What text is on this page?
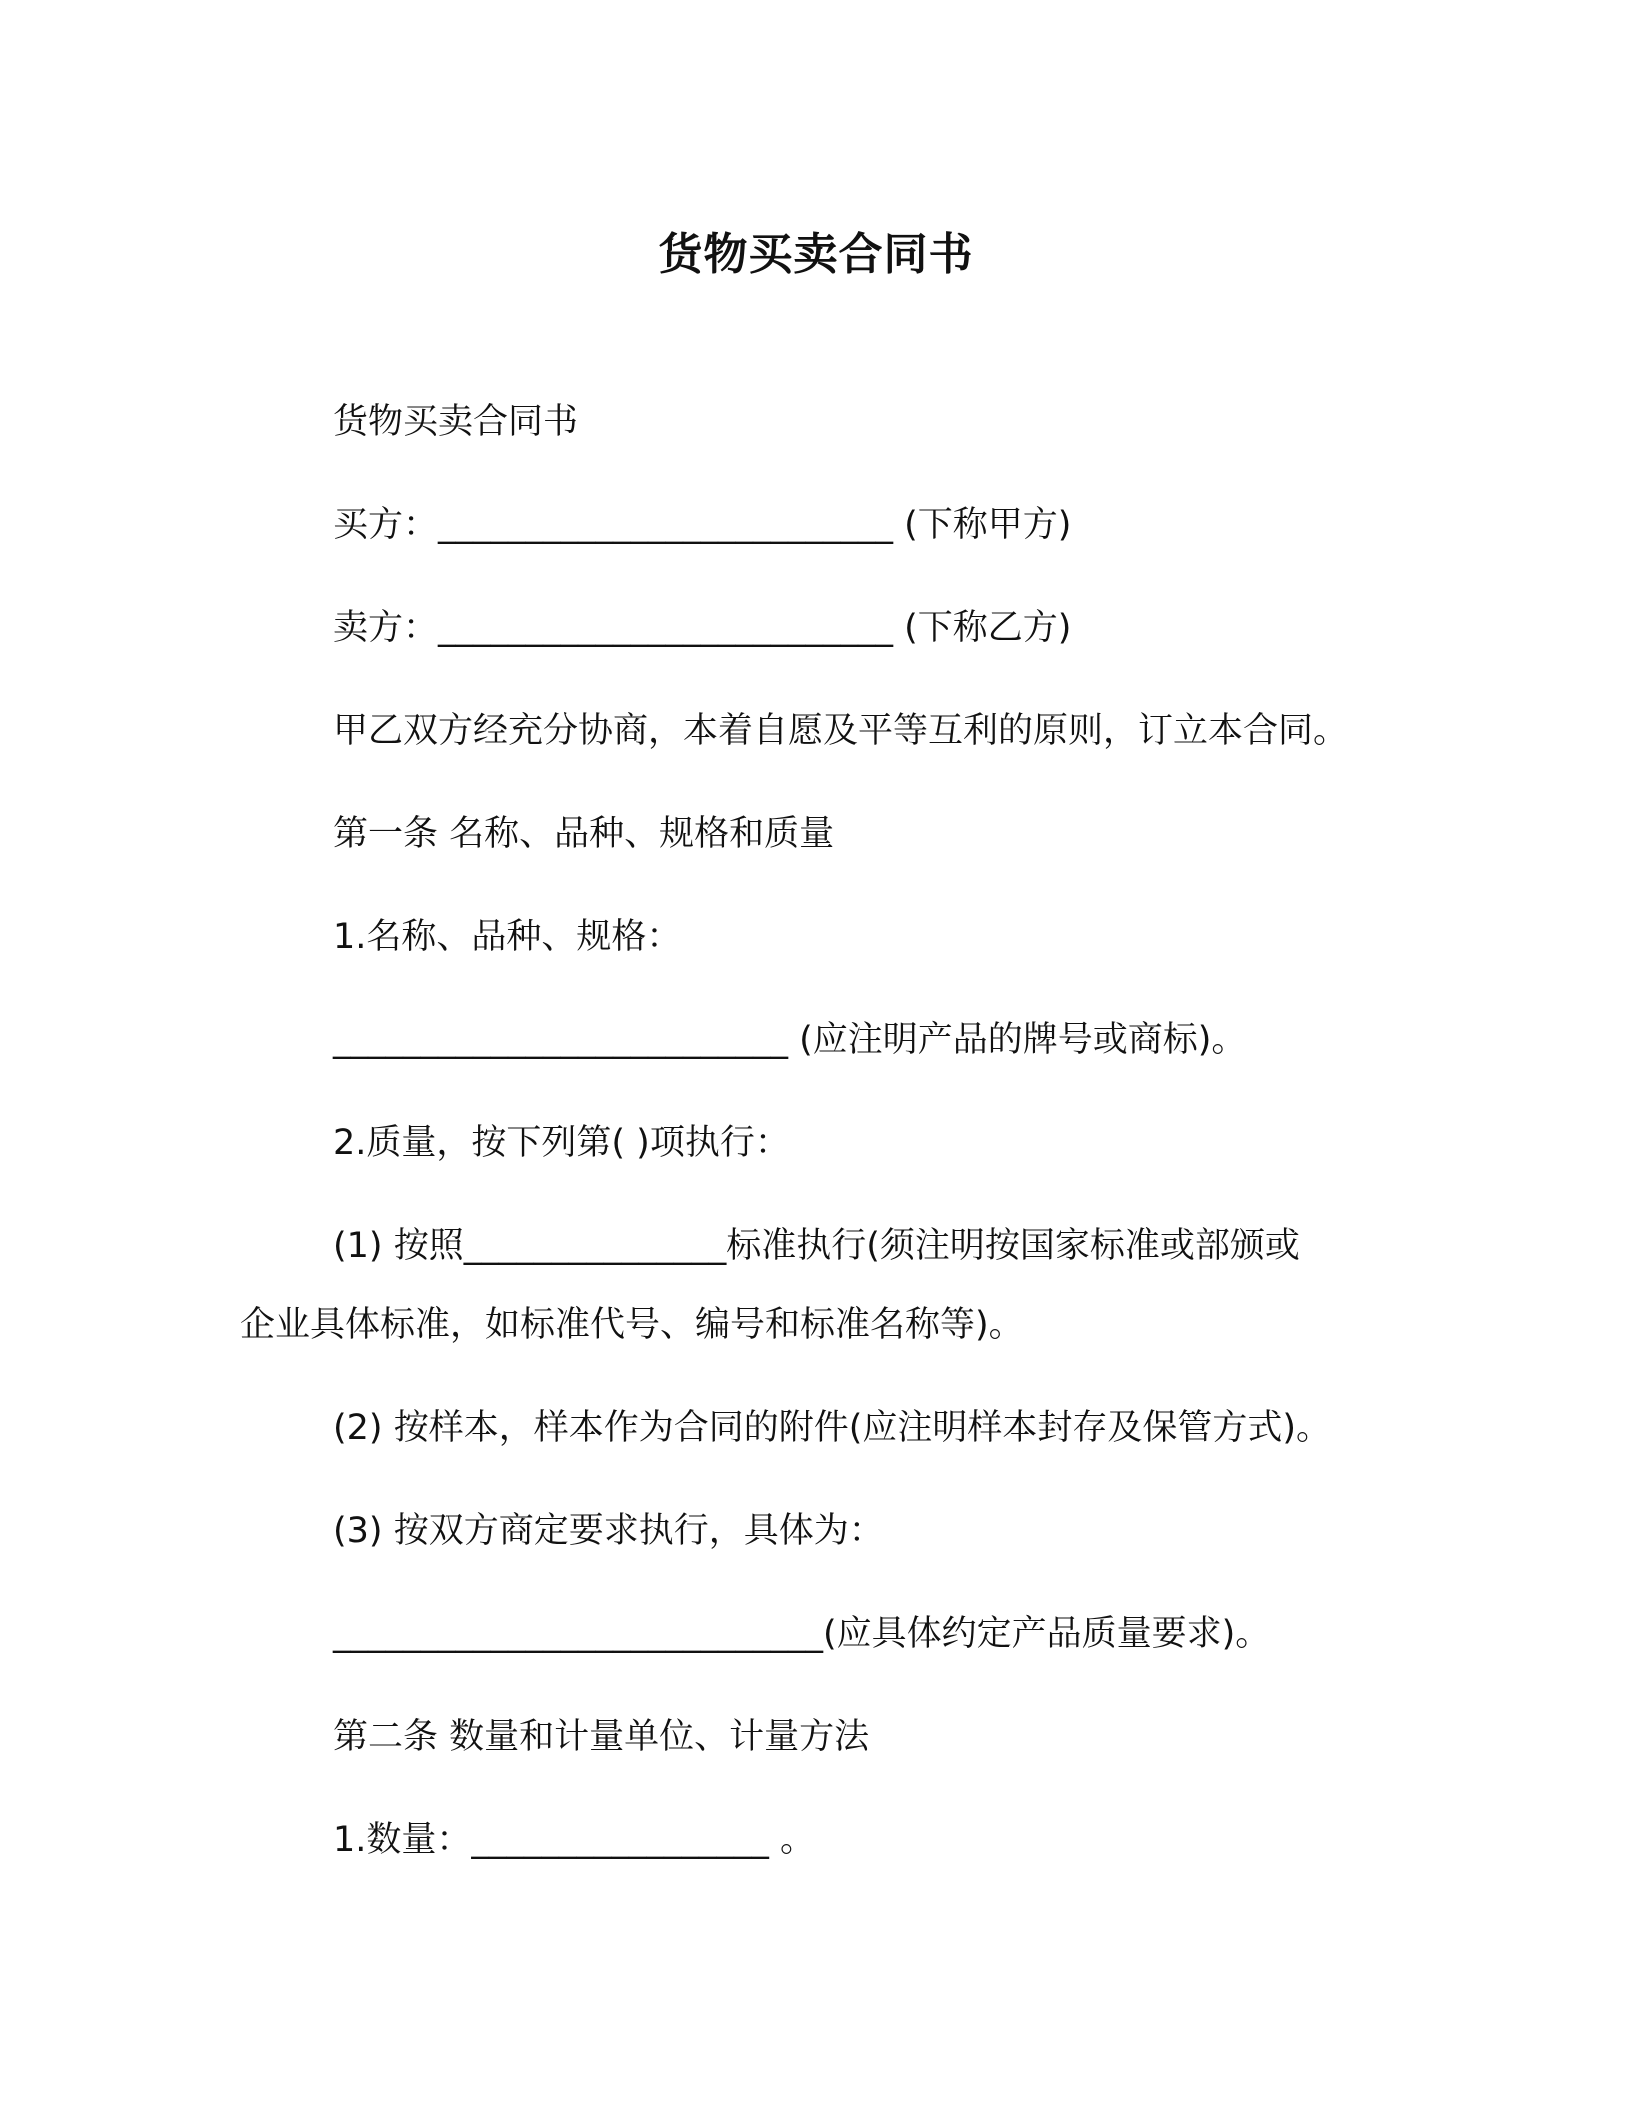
货物买卖合同书
货物买卖合同书
买方：__________________________ (下称甲方)
卖方：__________________________ (下称乙方)
甲乙双方经充分协商，本着自愿及平等互利的原则，订立本合同。
第一条 名称、品种、规格和质量
1.名称、品种、规格：
__________________________ (应注明产品的牌号或商标)。
2.质量，按下列第( )项执行：
(1) 按照_______________标准执行(须注明按国家标准或部颁或
企业具体标准，如标准代号、编号和标准名称等)。
(2) 按样本，样本作为合同的附件(应注明样本封存及保管方式)。
(3) 按双方商定要求执行，具体为：
____________________________(应具体约定产品质量要求)。
第二条 数量和计量单位、计量方法
1.数量：_________________ 。
